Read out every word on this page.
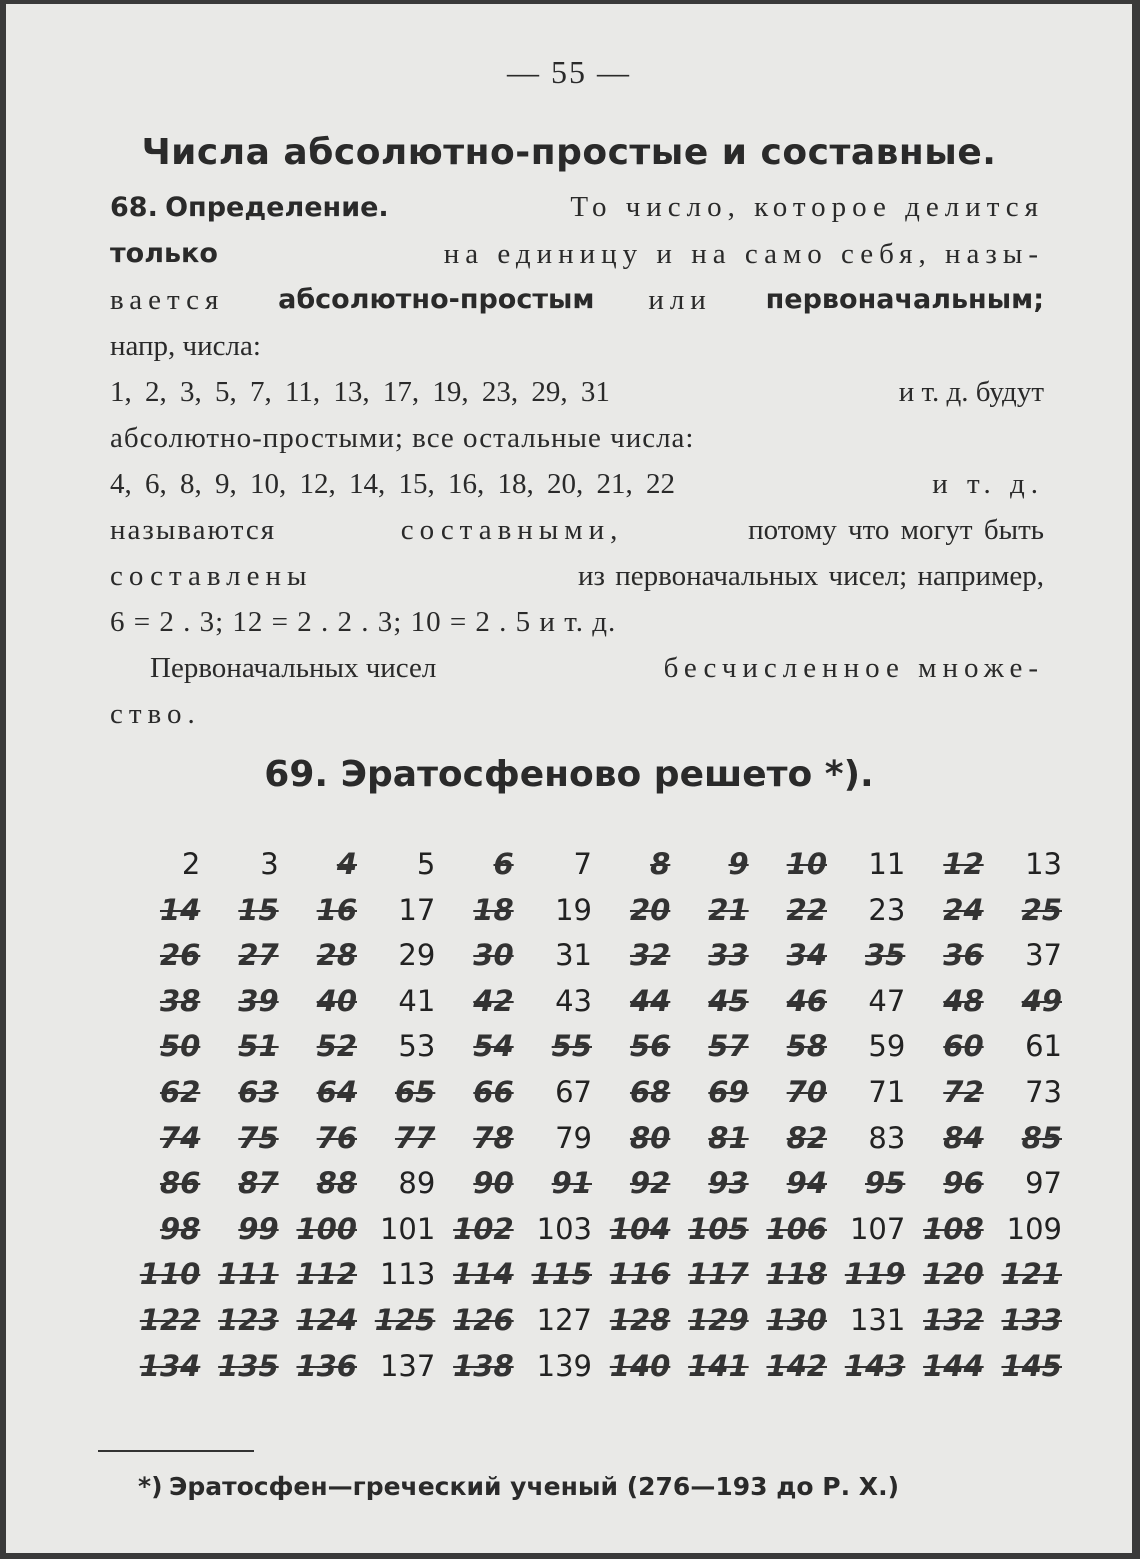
— 55 —
Числа абсолютно-простые и составные.
68. Определение.	То число, которое делится
только	на единицу и на само себя, назы-
вается абсолютно-простым или первоначальным;
напр, числа:
1, 2, 3, 5, 7, 11, 13, 17, 19, 23, 29, 31	и т. д. будут
абсолютно-простыми; все остальные числа:
4, 6, 8, 9, 10, 12, 14, 15, 16, 18, 20, 21, 22	и т. д.
называются	составными,	потому что могут быть
составлены	из первоначальных чисел; например,
6 = 2 . 3; 12 = 2 . 2 . 3; 10 = 2 . 5 и т. д.
Первоначальных чисел	бесчисленное множе-
ство.
69. Эратосфеново решето *).
2	3	4	5	6	7	8	9	10	11	12	13
14	15	16	17	18	19	20	21	22	23	24	25
26	27	28	29	30	31	32	33	34	35	36	37
38	39	40	41	42	43	44	45	46	47	48	49
50	51	52	53	54	55	56	57	58	59	60	61
62	63	64	65	66	67	68	69	70	71	72	73
74	75	76	77	78	79	80	81	82	83	84	85
86	87	88	89	90	91	92	93	94	95	96	97
98	99 100 101 102 103 104 105 106 107 108 109
110 111 112 113 114 115 116 117 118 119 120 121
122 123 124 125 126 127 128 129 130 131 132 133
134 135 136 137 138 139 140 141 142 143 144 145
*) Эратосфен—греческий ученый (276—193 до Р. Х.)
